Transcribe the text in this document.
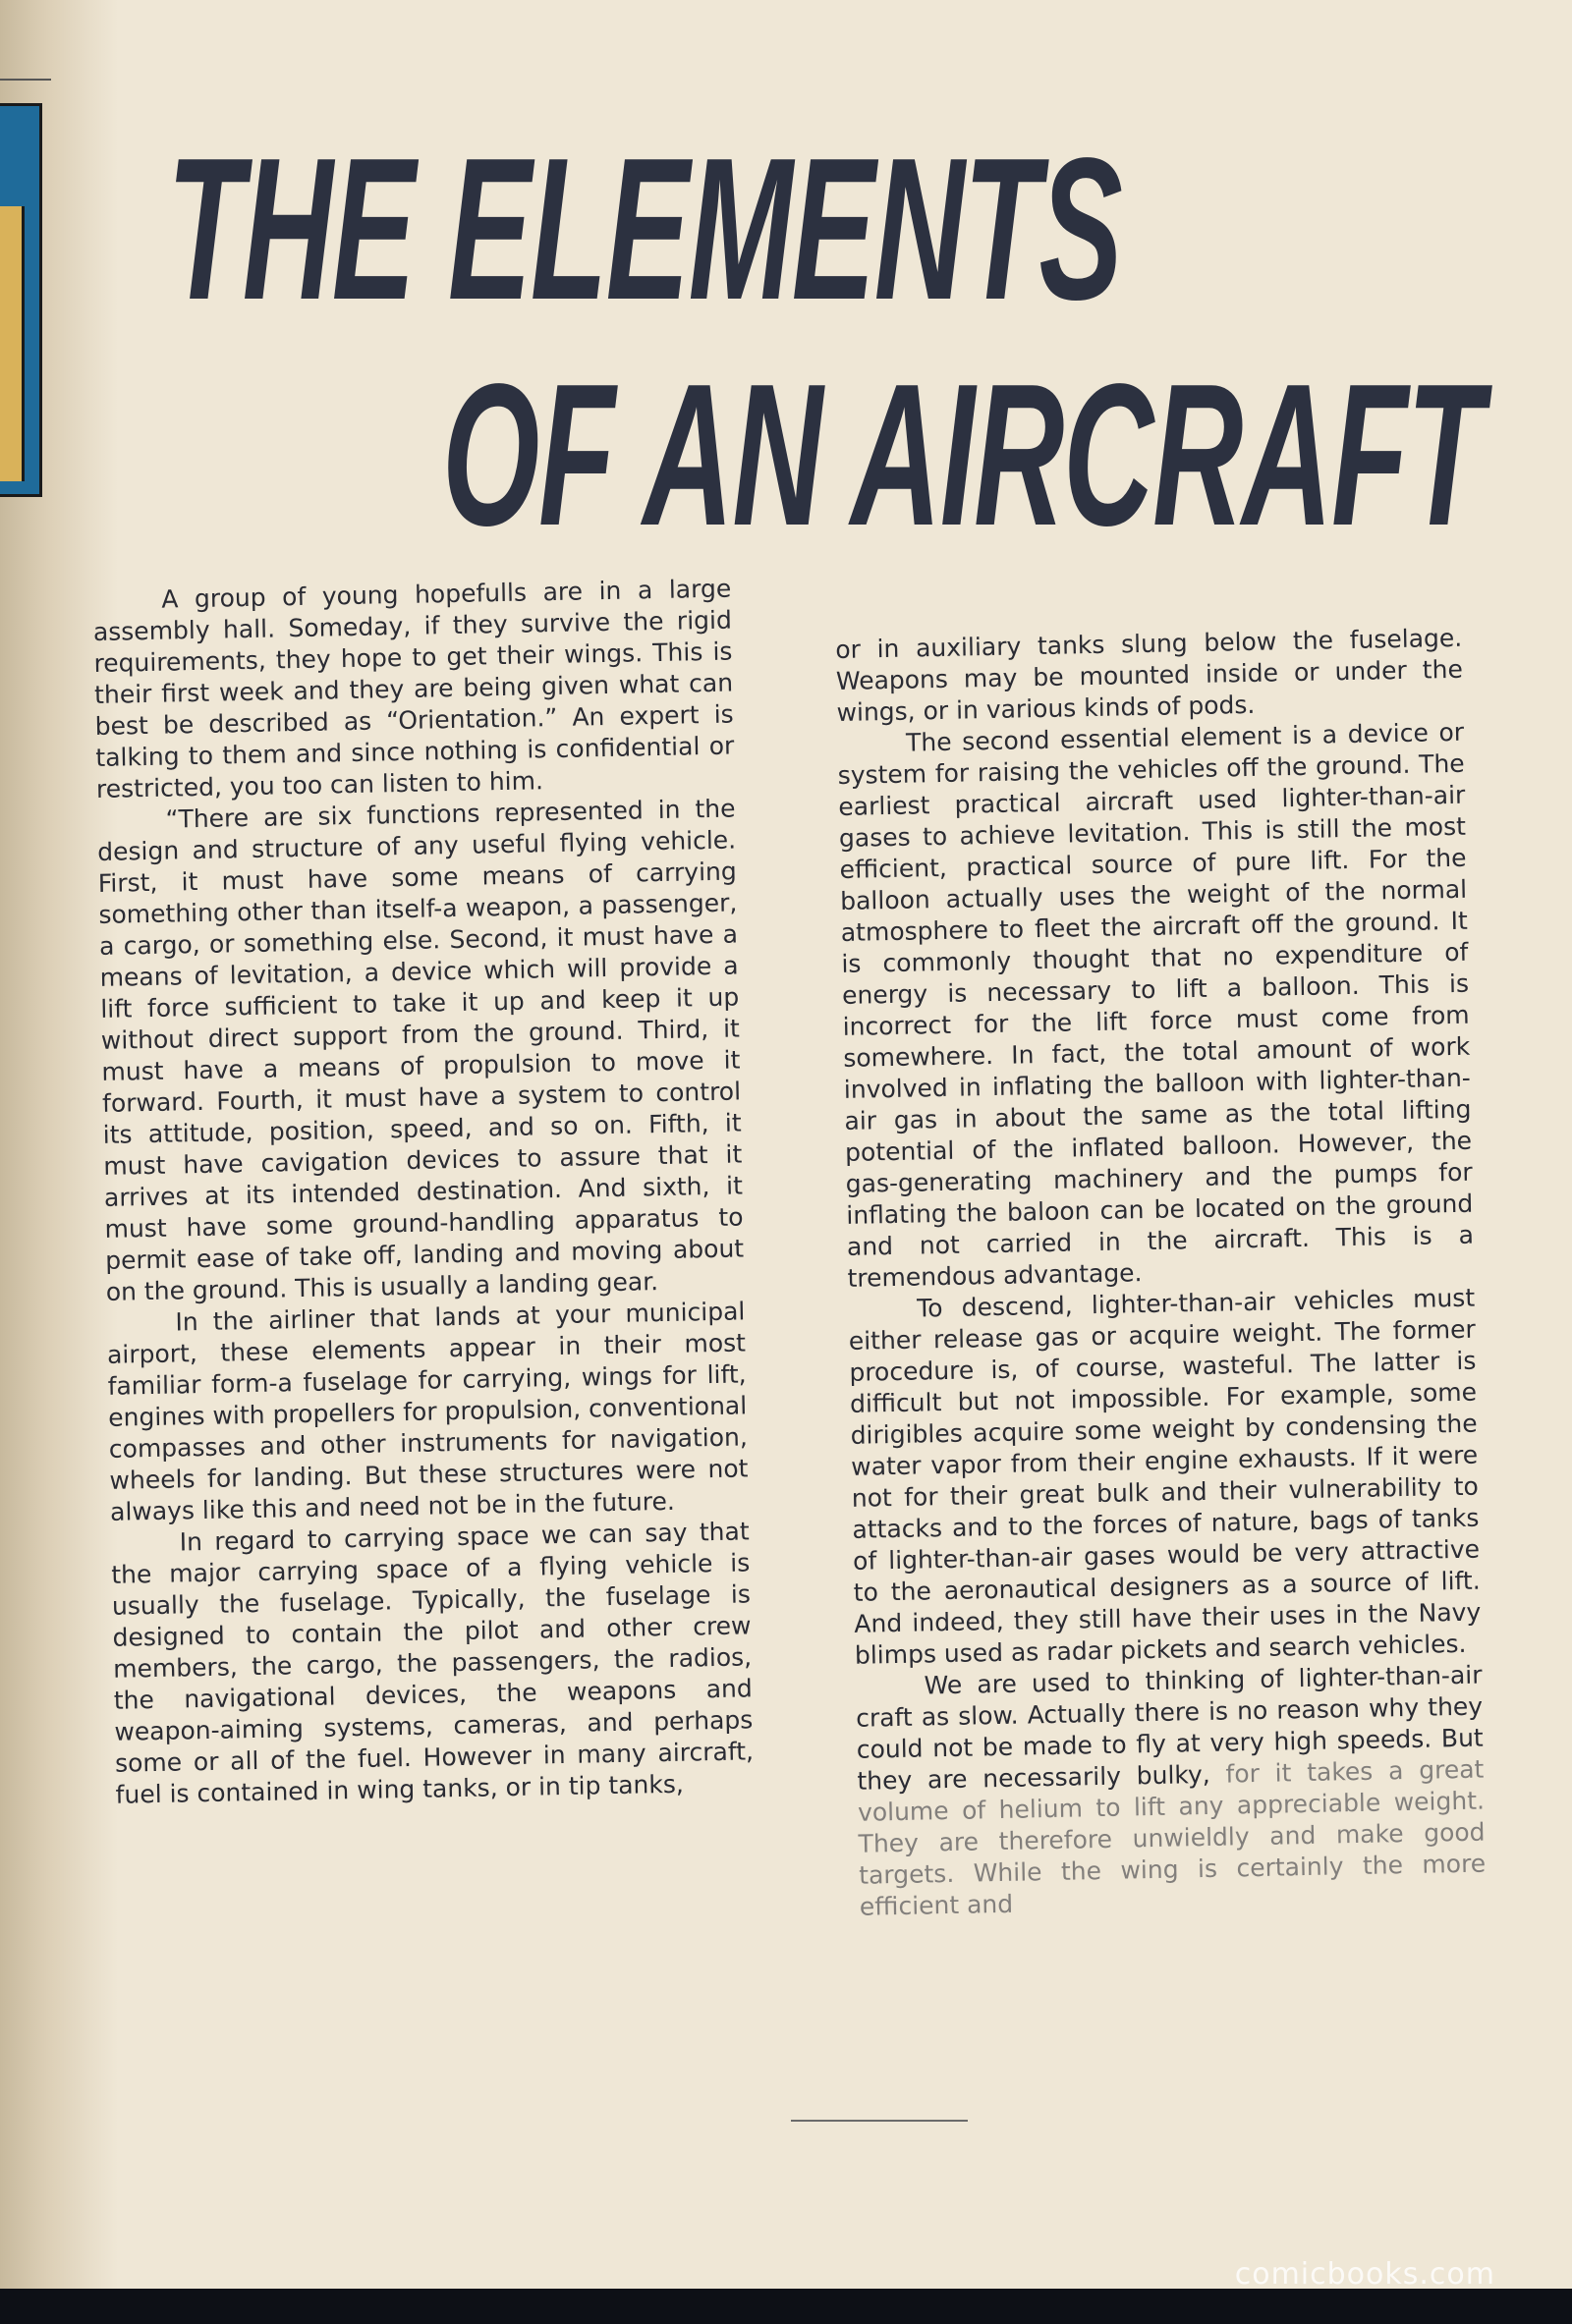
THE ELEMENTS
OF AN AIRCRAFT

A group of young hopefulls are in a large assembly hall. Someday, if they survive the rigid requirements, they hope to get their wings. This is their first week and they are being given what can best be described as “Orientation.” An expert is talking to them and since nothing is confidential or restricted, you too can listen to him.

“There are six functions represented in the design and structure of any useful flying vehicle. First, it must have some means of carrying something other than itself-a weapon, a passenger, a cargo, or something else. Second, it must have a means of levitation, a device which will provide a lift force sufficient to take it up and keep it up without direct support from the ground. Third, it must have a means of propulsion to move it forward. Fourth, it must have a system to control its attitude, position, speed, and so on. Fifth, it must have cavigation devices to assure that it arrives at its intended destination. And sixth, it must have some ground-handling apparatus to permit ease of take off, landing and moving about on the ground. This is usually a landing gear.

In the airliner that lands at your municipal airport, these elements appear in their most familiar form-a fuselage for carrying, wings for lift, engines with propellers for propulsion, conventional compasses and other instruments for navigation, wheels for landing. But these structures were not always like this and need not be in the future.

In regard to carrying space we can say that the major carrying space of a flying vehicle is usually the fuselage. Typically, the fuselage is designed to contain the pilot and other crew members, the cargo, the passengers, the radios, the navigational devices, the weapons and weapon-aiming systems, cameras, and perhaps some or all of the fuel. However in many aircraft, fuel is contained in wing tanks, or in tip tanks,

or in auxiliary tanks slung below the fuselage. Weapons may be mounted inside or under the wings, or in various kinds of pods.

The second essential element is a device or system for raising the vehicles off the ground. The earliest practical aircraft used lighter-than-air gases to achieve levitation. This is still the most efficient, practical source of pure lift. For the balloon actually uses the weight of the normal atmosphere to fleet the aircraft off the ground. It is commonly thought that no expenditure of energy is necessary to lift a balloon. This is incorrect for the lift force must come from somewhere. In fact, the total amount of work involved in inflating the balloon with lighter-than-air gas in about the same as the total lifting potential of the inflated balloon. However, the gas-generating machinery and the pumps for inflating the baloon can be located on the ground and not carried in the aircraft. This is a tremendous advantage.

To descend, lighter-than-air vehicles must either release gas or acquire weight. The former procedure is, of course, wasteful. The latter is difficult but not impossible. For example, some dirigibles acquire some weight by condensing the water vapor from their engine exhausts. If it were not for their great bulk and their vulnerability to attacks and to the forces of nature, bags of tanks of lighter-than-air gases would be very attractive to the aeronautical designers as a source of lift. And indeed, they still have their uses in the Navy blimps used as radar pickets and search vehicles.

We are used to thinking of lighter-than-air craft as slow. Actually there is no reason why they could not be made to fly at very high speeds. But they are necessarily bulky, for it takes a great volume of helium to lift any appreciable weight. They are therefore unwieldly and make good targets. While the wing is certainly the more efficient and

comicbooks.com
